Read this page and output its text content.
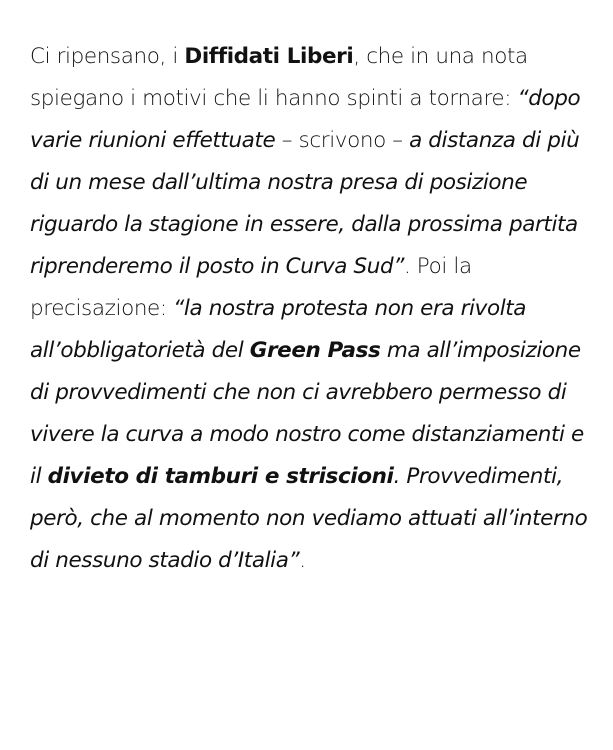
Ci ripensano, i Diffidati Liberi, che in una nota spiegano i motivi che li hanno spinti a tornare: “dopo varie riunioni effettuate – scrivono – a distanza di più di un mese dall’ultima nostra presa di posizione riguardo la stagione in essere, dalla prossima partita riprenderemo il posto in Curva Sud”. Poi la precisazione: “la nostra protesta non era rivolta all’obbligatorietà del Green Pass ma all’imposizione di provvedimenti che non ci avrebbero permesso di vivere la curva a modo nostro come distanziamenti e il divieto di tamburi e striscioni. Provvedimenti, però, che al momento non vediamo attuati all’interno di nessuno stadio d’Italia”.
